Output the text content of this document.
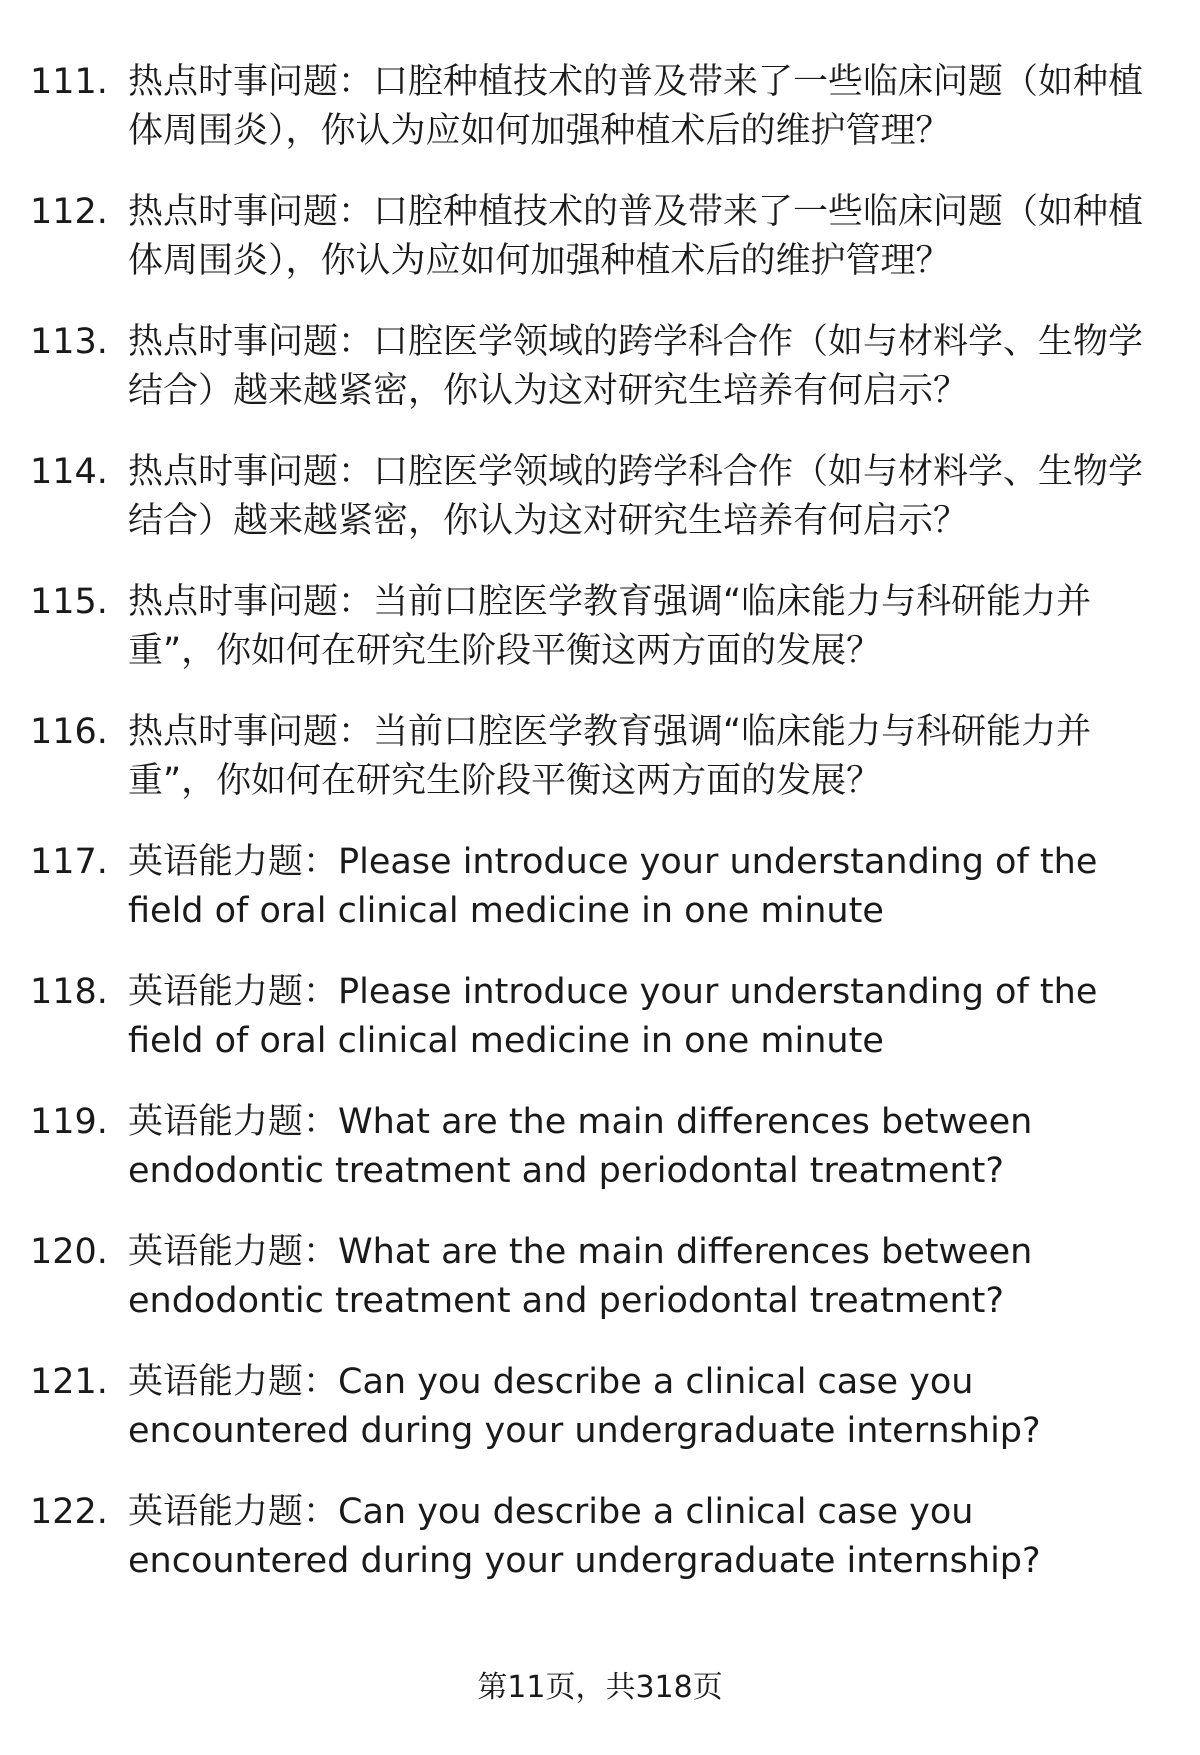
111. 热点时事问题：口腔种植技术的普及带来了一些临床问题（如种植体周围炎），你认为应如何加强种植术后的维护管理？
112. 热点时事问题：口腔种植技术的普及带来了一些临床问题（如种植体周围炎），你认为应如何加强种植术后的维护管理？
113. 热点时事问题：口腔医学领域的跨学科合作（如与材料学、生物学结合）越来越紧密，你认为这对研究生培养有何启示？
114. 热点时事问题：口腔医学领域的跨学科合作（如与材料学、生物学结合）越来越紧密，你认为这对研究生培养有何启示？
115. 热点时事问题：当前口腔医学教育强调“临床能力与科研能力并重”，你如何在研究生阶段平衡这两方面的发展？
116. 热点时事问题：当前口腔医学教育强调“临床能力与科研能力并重”，你如何在研究生阶段平衡这两方面的发展？
117. 英语能力题：Please introduce your understanding of the field of oral clinical medicine in one minute
118. 英语能力题：Please introduce your understanding of the field of oral clinical medicine in one minute
119. 英语能力题：What are the main differences between endodontic treatment and periodontal treatment?
120. 英语能力题：What are the main differences between endodontic treatment and periodontal treatment?
121. 英语能力题：Can you describe a clinical case you encountered during your undergraduate internship?
122. 英语能力题：Can you describe a clinical case you encountered during your undergraduate internship?
第11页，共318页
